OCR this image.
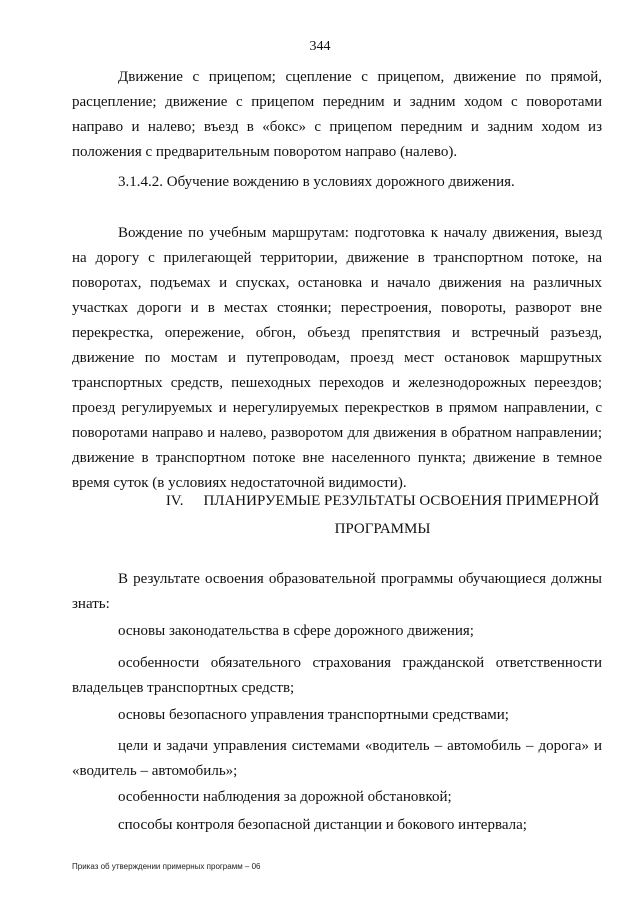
344

Движение с прицепом; сцепление с прицепом, движение по прямой, расцепление; движение с прицепом передним и задним ходом с поворотами направо и налево; въезд в «бокс» с прицепом передним и задним ходом из положения с предварительным поворотом направо (налево).

3.1.4.2. Обучение вождению в условиях дорожного движения.

Вождение по учебным маршрутам: подготовка к началу движения, выезд на дорогу с прилегающей территории, движение в транспортном потоке, на поворотах, подъемах и спусках, остановка и начало движения на различных участках дороги и в местах стоянки; перестроения, повороты, разворот вне перекрестка, опережение, обгон, объезд препятствия и встречный разъезд, движение по мостам и путепроводам, проезд мест остановок маршрутных транспортных средств, пешеходных переходов и железнодорожных переездов; проезд регулируемых и нерегулируемых перекрестков в прямом направлении, с поворотами направо и налево, разворотом для движения в обратном направлении; движение в транспортном потоке вне населенного пункта; движение в темное время суток (в условиях недостаточной видимости).

IV. ПЛАНИРУЕМЫЕ РЕЗУЛЬТАТЫ ОСВОЕНИЯ ПРИМЕРНОЙ
ПРОГРАММЫ

В результате освоения образовательной программы обучающиеся должны знать:

основы законодательства в сфере дорожного движения;
особенности обязательного страхования гражданской ответственности владельцев транспортных средств;
основы безопасного управления транспортными средствами;
цели и задачи управления системами «водитель – автомобиль – дорога» и «водитель – автомобиль»;
особенности наблюдения за дорожной обстановкой;
способы контроля безопасной дистанции и бокового интервала;
Приказ об утверждении примерных программ – 06
